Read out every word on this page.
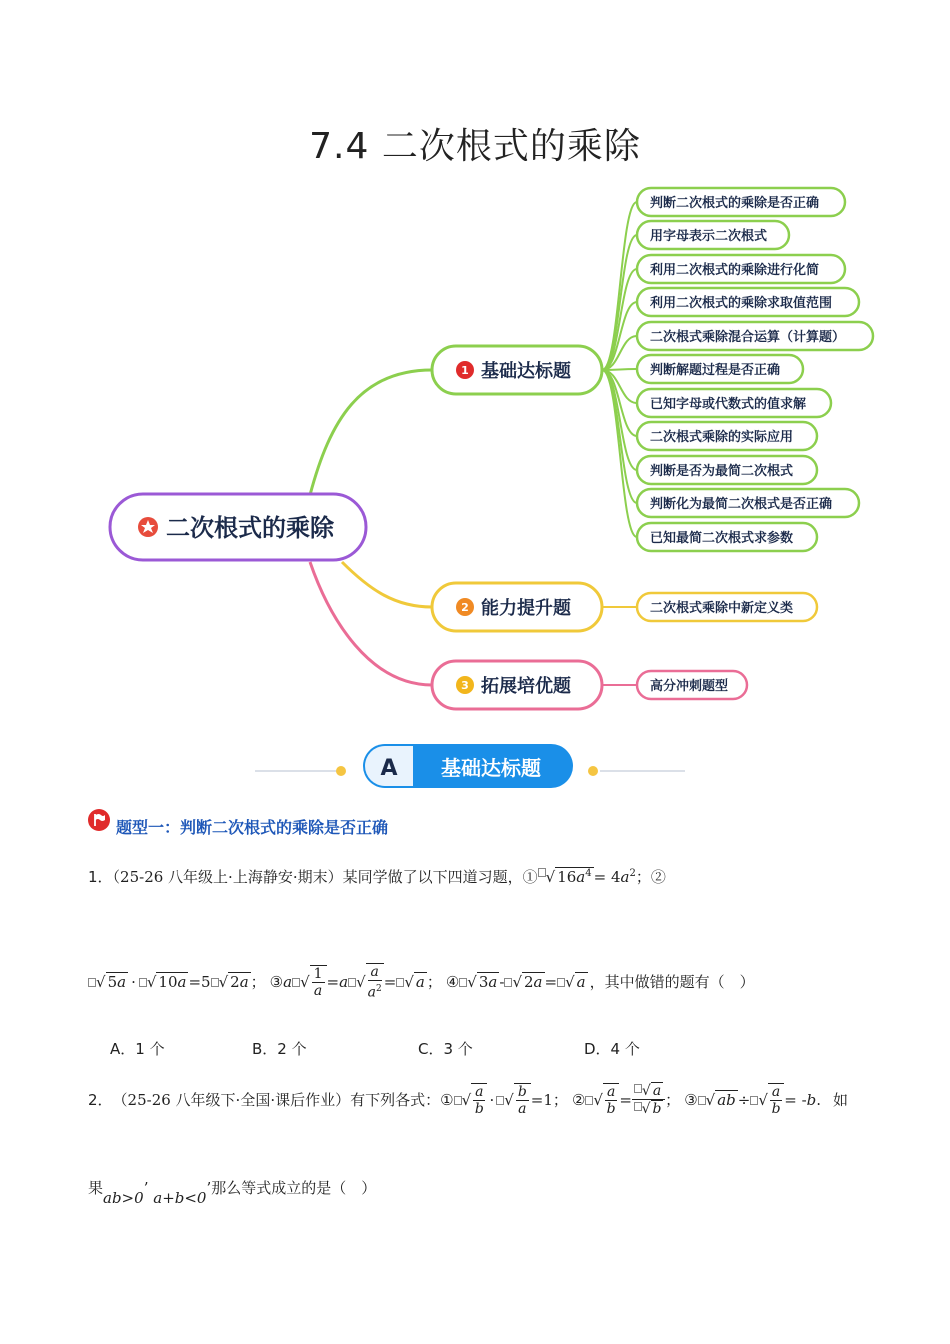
7.4 二次根式的乘除
二次根式的乘除
1 基础达标题
2 能力提升题
3 拓展培优题
判断二次根式的乘除是否正确
用字母表示二次根式
利用二次根式的乘除进行化简
利用二次根式的乘除求取值范围
二次根式乘除混合运算（计算题）
判断解题过程是否正确
已知字母或代数式的值求解
二次根式乘除的实际应用
判断是否为最简二次根式
判断化为最简二次根式是否正确
已知最简二次根式求参数
二次根式乘除中新定义类
高分冲刺题型
A 基础达标题
题型一：判断二次根式的乘除是否正确
1．（25-26 八年级上·上海静安·期末）某同学做了以下四道习题，① √ $16a^4 = 4a^2$；②
√ 5a · √ 10a =5 √ 2a ； ③ a √ $\frac{1}{a} = a$ √ $\frac{a}{a^2}$ = √ a ； ④ √ 3a - √ 2a = √ a ，其中做错的题有（　）
A．1 个	B．2 个	C．3 个	D．4 个
2． （25-26 八年级下·全国·课后作业）有下列各式： ① √ $\frac{a}{b}$ · √ $\frac{b}{a} =1$ ； ② √ $\frac{a}{b} = \frac{√ a}{√ b}$ ； ③ √ ab ÷ √ $\frac{a}{b}$ = - b . 如
果ab>0’ a+b<0’那么等式成立的是（　）
